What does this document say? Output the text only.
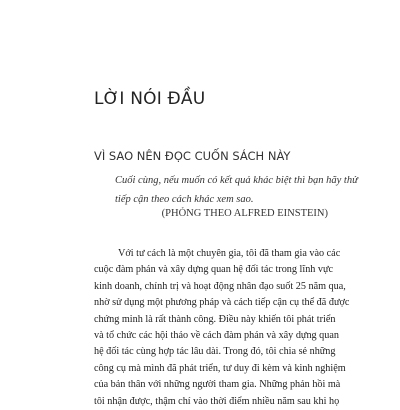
LỜI NÓI ĐẦU
VÌ SAO NÊN ĐỌC CUỐN SÁCH NÀY
Cuối cùng, nếu muốn có kết quả khác biệt thì bạn hãy thử
tiếp cận theo cách khác xem sao.

(PHỎNG THEO ALFRED EINSTEIN)

Với tư cách là một chuyên gia, tôi đã tham gia vào các
cuộc đàm phán và xây dựng quan hệ đối tác trong lĩnh vực
kinh doanh, chính trị và hoạt động nhân đạo suốt 25 năm qua,
nhờ sử dụng một phương pháp và cách tiếp cận cụ thể đã được
chứng minh là rất thành công. Điều này khiến tôi phát triển
và tổ chức các hội thảo về cách đàm phán và xây dựng quan
hệ đối tác cùng hợp tác lâu dài. Trong đó, tôi chia sẻ những
công cụ mà mình đã phát triển, tư duy đi kèm và kinh nghiệm
của bản thân với những người tham gia. Những phản hồi mà
tôi nhận được, thậm chí vào thời điểm nhiều năm sau khi họ
